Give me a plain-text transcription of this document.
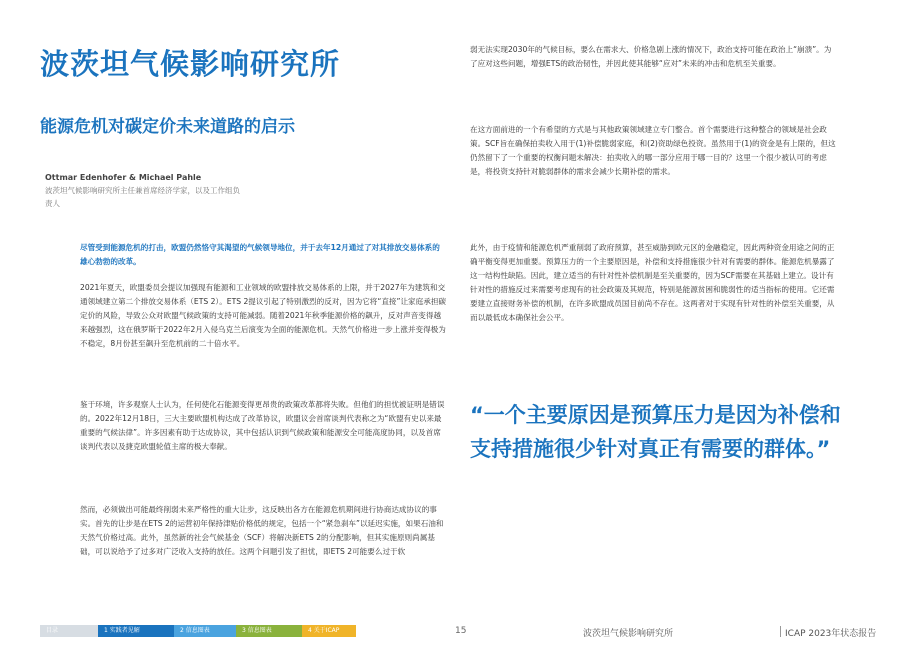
波茨坦气候影响研究所
能源危机对碳定价未来道路的启示
Ottmar Edenhofer & Michael Pahle
波茨坦气候影响研究所主任兼首席经济学家，以及工作组负责人
尽管受到能源危机的打击，欧盟仍然恪守其渴望的气候领导地位，并于去年12月通过了对其排放交易体系的雄心勃勃的改革。
2021年夏天，欧盟委员会提议加强现有能源和工业领域的欧盟排放交易体系的上限，并于2027年为建筑和交通领域建立第二个排放交易体系（ETS 2）。ETS 2提议引起了特别激烈的反对，因为它将“直接”让家庭承担碳定价的风险，导致公众对欧盟气候政策的支持可能减弱。随着2021年秋季能源价格的飙升，反对声音变得越来越强烈，这在俄罗斯于2022年2月入侵乌克兰后演变为全面的能源危机。天然气价格进一步上涨并变得极为不稳定，8月份甚至飙升至危机前的二十倍水平。
鉴于环境，许多观察人士认为，任何使化石能源变得更昂贵的政策改革都将失败。但他们的担忧被证明是错误的。2022年12月18日，三大主要欧盟机构达成了改革协议，欧盟议会首席谈判代表称之为“欧盟有史以来最重要的气候法律”。许多因素有助于达成协议，其中包括认识到气候政策和能源安全可能高度协同，以及首席谈判代表以及捷克欧盟轮值主席的极大奉献。
然而，必须做出可能最终削弱未来严格性的重大让步，这反映出各方在能源危机期间进行协商达成协议的事实。首先的让步是在ETS 2的运营初年保持津贴价格低的规定，包括一个“紧急刹车”以延迟实施，如果石油和天然气价格过高。此外，虽然新的社会气候基金（SCF）将解决新ETS 2的分配影响，但其实施原则尚属基础，可以说给予了过多对广泛收入支持的放任。这两个问题引发了担忧，即ETS 2可能要么过于软
弱无法实现2030年的气候目标，要么在需求大、价格急剧上涨的情况下，政治支持可能在政治上“崩溃”。为了应对这些问题，增强ETS的政治韧性，并因此使其能够“应对”未来的冲击和危机至关重要。
在这方面前进的一个有希望的方式是与其他政策领域建立专门整合。首个需要进行这种整合的领域是社会政策。SCF旨在确保拍卖收入用于(1)补偿脆弱家庭，和(2)资助绿色投资。虽然用于(1)的资金是有上限的，但这仍然留下了一个重要的权衡问题未解决：拍卖收入的哪一部分应用于哪一目的？这里一个很少被认可的考虑是，将投资支持针对脆弱群体的需求会减少长期补偿的需求。
此外，由于疫情和能源危机严重削弱了政府预算，甚至威胁到欧元区的金融稳定，因此两种资金用途之间的正确平衡变得更加重要。预算压力的一个主要原因是，补偿和支持措施很少针对有需要的群体。能源危机暴露了这一结构性缺陷。因此，建立适当的有针对性补偿机制是至关重要的，因为SCF需要在其基础上建立。设计有针对性的措施反过来需要考虑现有的社会政策及其规范，特别是能源贫困和脆弱性的适当指标的使用。它还需要建立直接财务补偿的机制，在许多欧盟成员国目前尚不存在。这两者对于实现有针对性的补偿至关重要，从而以最低成本确保社会公平。
“一个主要原因是预算压力是因为补偿和支持措施很少针对真正有需要的群体。”
目录	1 实践者见解	2 信息图表	3 信息图表	4 关于ICAP	15	波茨坦气候影响研究所	ICAP 2023年状态报告
